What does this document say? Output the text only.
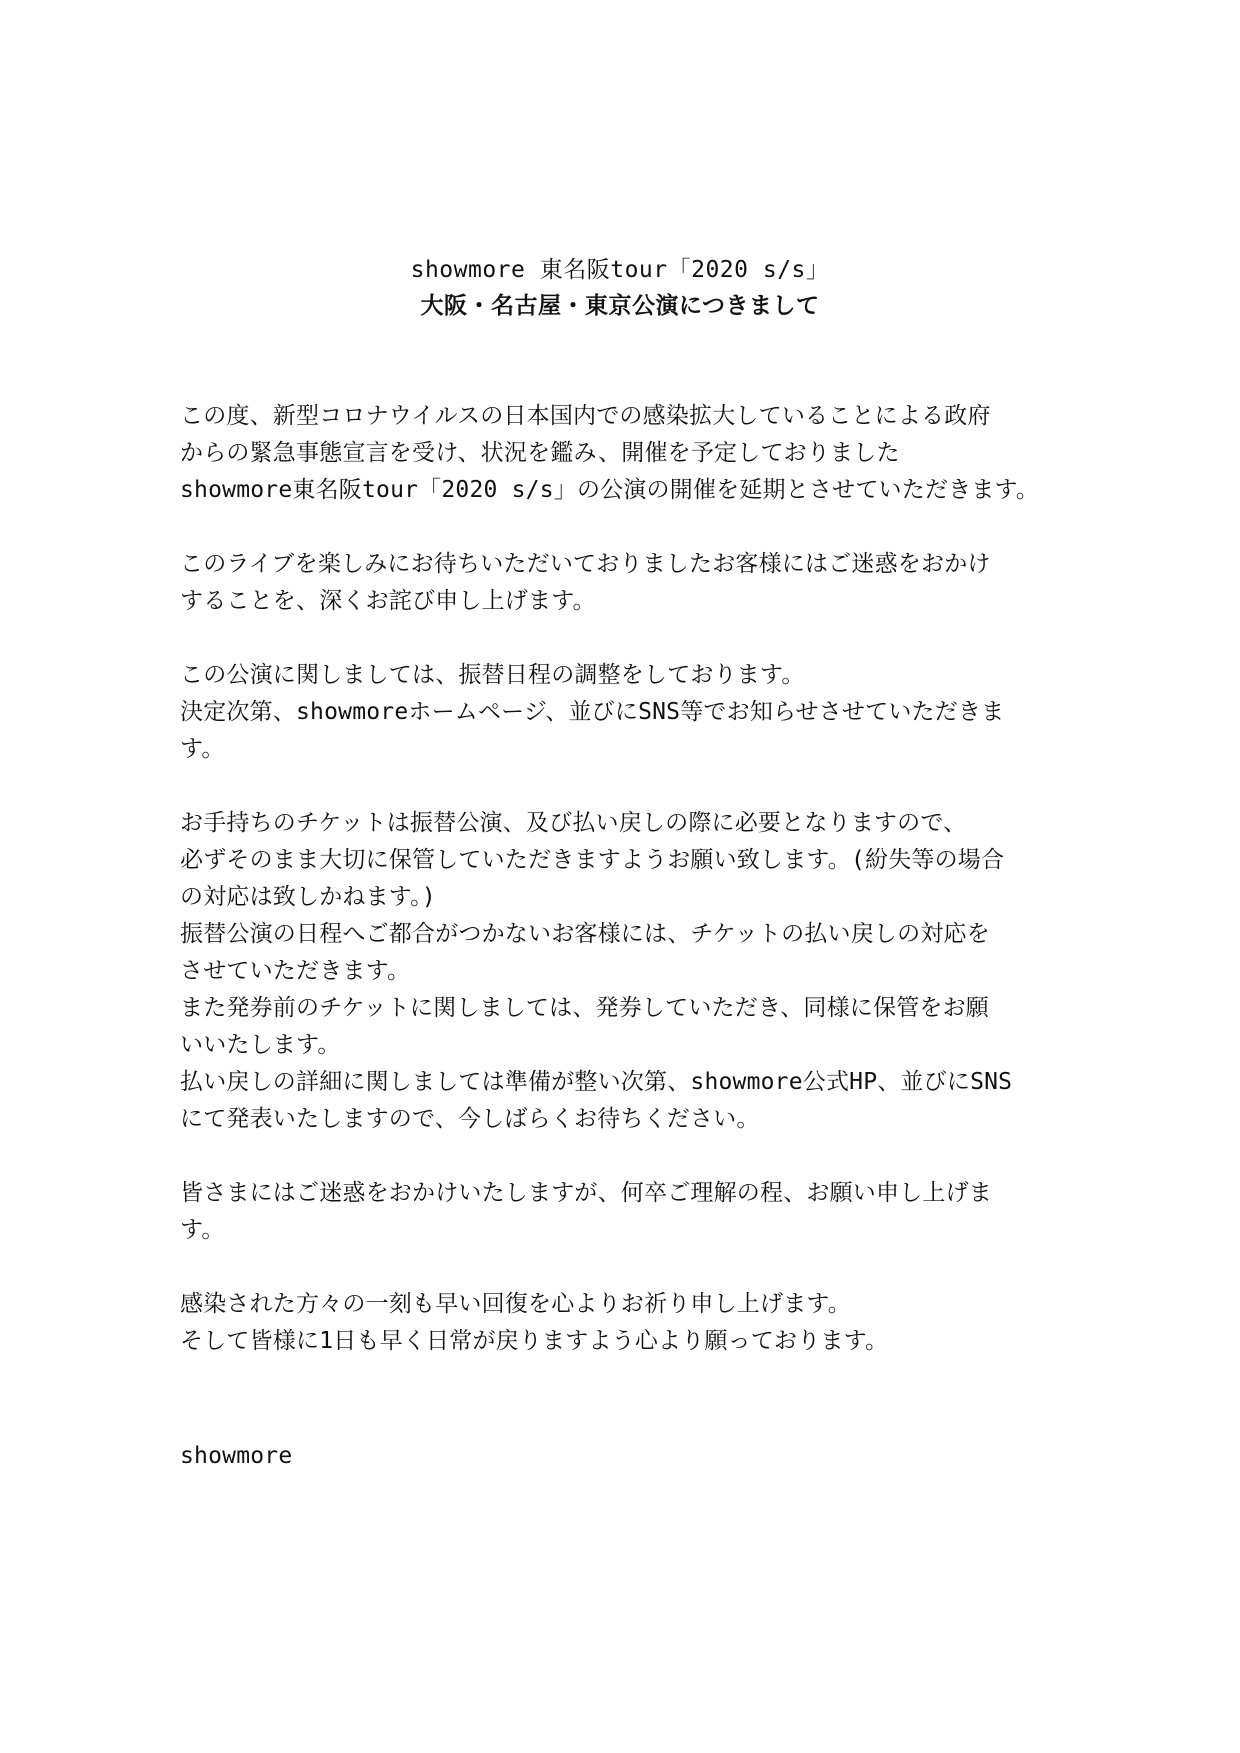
showmore 東名阪tour「2020 s/s」
大阪・名古屋・東京公演につきまして
この度、新型コロナウイルスの日本国内での感染拡大していることによる政府
からの緊急事態宣言を受け、状況を鑑み、開催を予定しておりました
showmore東名阪tour「2020 s/s」の公演の開催を延期とさせていただきます。
このライブを楽しみにお待ちいただいておりましたお客様にはご迷惑をおかけ
することを、深くお詫び申し上げます。
この公演に関しましては、振替日程の調整をしております。
決定次第、showmoreホームページ、並びにSNS等でお知らせさせていただきま
す。
お手持ちのチケットは振替公演、及び払い戻しの際に必要となりますので、
必ずそのまま大切に保管していただきますようお願い致します。(紛失等の場合
の対応は致しかねます。)
振替公演の日程へご都合がつかないお客様には、チケットの払い戻しの対応を
させていただきます。
また発券前のチケットに関しましては、発券していただき、同様に保管をお願
いいたします。
払い戻しの詳細に関しましては準備が整い次第、showmore公式HP、並びにSNS
にて発表いたしますので、今しばらくお待ちください。
皆さまにはご迷惑をおかけいたしますが、何卒ご理解の程、お願い申し上げま
す。
感染された方々の一刻も早い回復を心よりお祈り申し上げます。
そして皆様に1日も早く日常が戻りますよう心より願っております。
showmore
